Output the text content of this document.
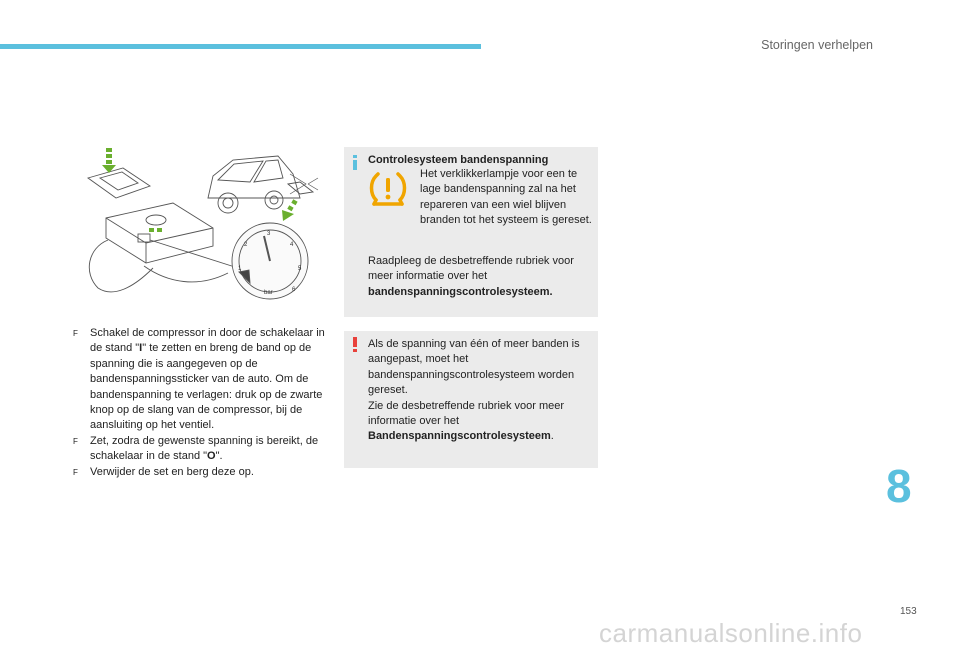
Storingen verhelpen
1
2
3
4
5
6
bar
F Schakel de compressor in door de schakelaar in de stand "I" te zetten en breng de band op de spanning die is aangegeven op de bandenspanningssticker van de auto. Om de bandenspanning te verlagen: druk op de zwarte knop op de slang van de compressor, bij de aansluiting op het ventiel.
F Zet, zodra de gewenste spanning is bereikt, de schakelaar in de stand "O".
F Verwijder de set en berg deze op.
Controlesysteem bandenspanning
Het verklikkerlampje voor een te lage bandenspanning zal na het repareren van een wiel blijven branden tot het systeem is gereset.
Raadpleeg de desbetreffende rubriek voor meer informatie over het bandenspanningscontrolesysteem.
Als de spanning van één of meer banden is aangepast, moet het bandenspanningscontrolesysteem worden gereset.
Zie de desbetreffende rubriek voor meer informatie over het
Bandenspanningscontrolesysteem.
8
153
carmanualsonline.info
